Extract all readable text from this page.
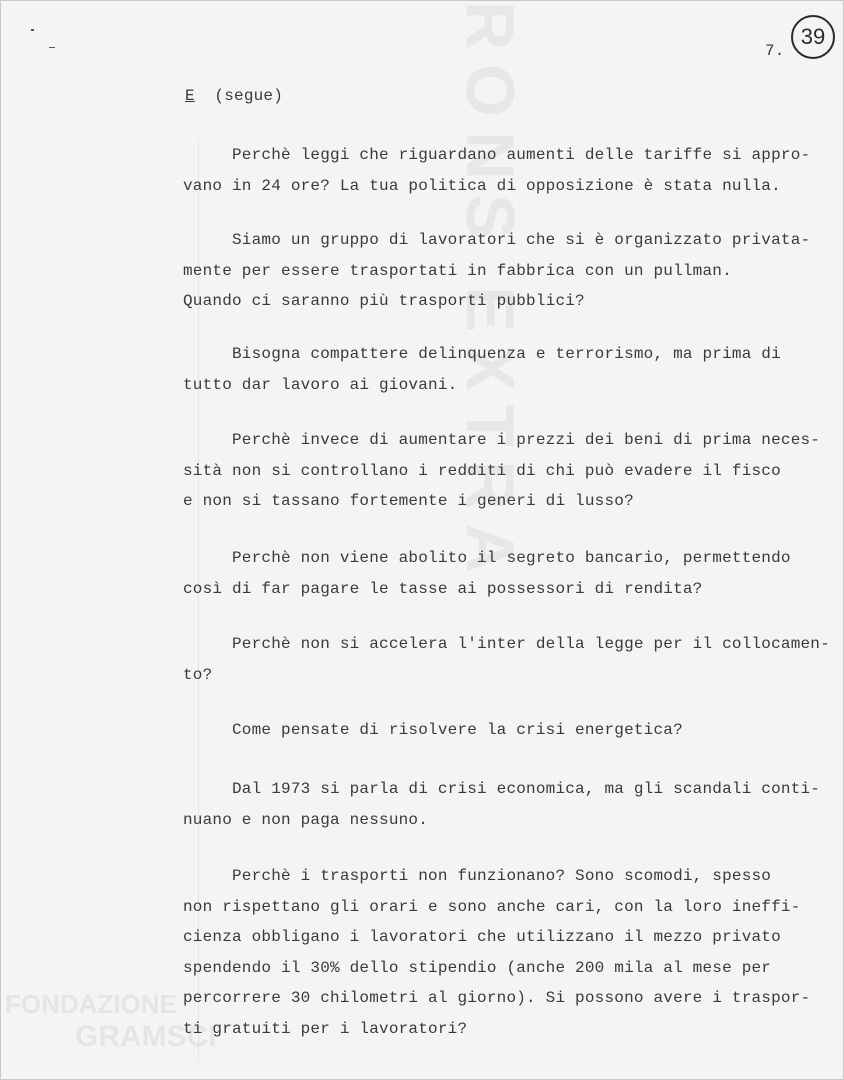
RONS EXTRA
FONDAZIONE
GRAMSCI
7.
39
E (segue)
Perchè leggi che riguardano aumenti delle tariffe si appro-
vano in 24 ore? La tua politica di opposizione è stata nulla.
Siamo un gruppo di lavoratori che si è organizzato privata-
mente per essere trasportati in fabbrica con un pullman.
Quando ci saranno più trasporti pubblici?
Bisogna compattere delinquenza e terrorismo, ma prima di
tutto dar lavoro ai giovani.
Perchè invece di aumentare i prezzi dei beni di prima neces-
sità non si controllano i redditi di chi può evadere il fisco
e non si tassano fortemente i generi di lusso?
Perchè non viene abolito il segreto bancario, permettendo
così di far pagare le tasse ai possessori di rendita?
Perchè non si accelera l'inter della legge per il collocamen-
to?
Come pensate di risolvere la crisi energetica?
Dal 1973 si parla di crisi economica, ma gli scandali conti-
nuano e non paga nessuno.
Perchè i trasporti non funzionano? Sono scomodi, spesso
non rispettano gli orari e sono anche cari, con la loro ineffi-
cienza obbligano i lavoratori che utilizzano il mezzo privato
spendendo il 30% dello stipendio (anche 200 mila al mese per
percorrere 30 chilometri al giorno). Si possono avere i traspor-
ti gratuiti per i lavoratori?
